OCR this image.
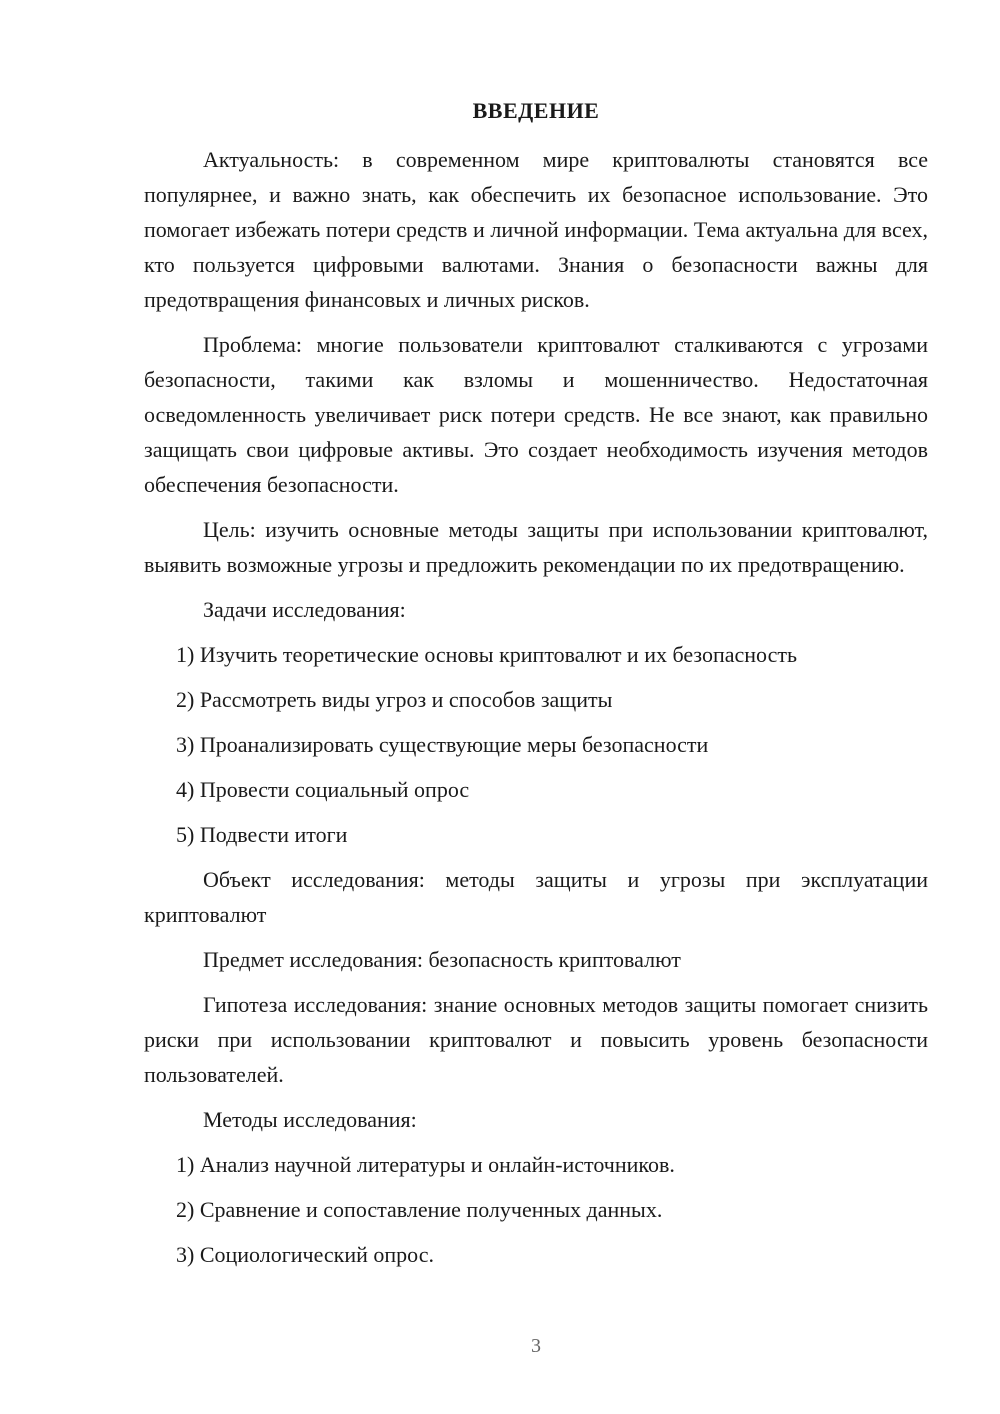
ВВЕДЕНИЕ

Актуальность: в современном мире криптовалюты становятся все популярнее, и важно знать, как обеспечить их безопасное использование. Это помогает избежать потери средств и личной информации. Тема актуальна для всех, кто пользуется цифровыми валютами. Знания о безопасности важны для предотвращения финансовых и личных рисков.

Проблема: многие пользователи криптовалют сталкиваются с угрозами безопасности, такими как взломы и мошенничество. Недостаточная осведомленность увеличивает риск потери средств. Не все знают, как правильно защищать свои цифровые активы. Это создает необходимость изучения методов обеспечения безопасности.

Цель: изучить основные методы защиты при использовании криптовалют, выявить возможные угрозы и предложить рекомендации по их предотвращению.

Задачи исследования:

1) Изучить теоретические основы криптовалют и их безопасность
2) Рассмотреть виды угроз и способов защиты
3) Проанализировать существующие меры безопасности
4) Провести социальный опрос
5) Подвести итоги

Объект исследования: методы защиты и угрозы при эксплуатации криптовалют

Предмет исследования: безопасность криптовалют

Гипотеза исследования: знание основных методов защиты помогает снизить риски при использовании криптовалют и повысить уровень безопасности пользователей.

Методы исследования:

1) Анализ научной литературы и онлайн-источников.
2) Сравнение и сопоставление полученных данных.
3) Социологический опрос.
3
